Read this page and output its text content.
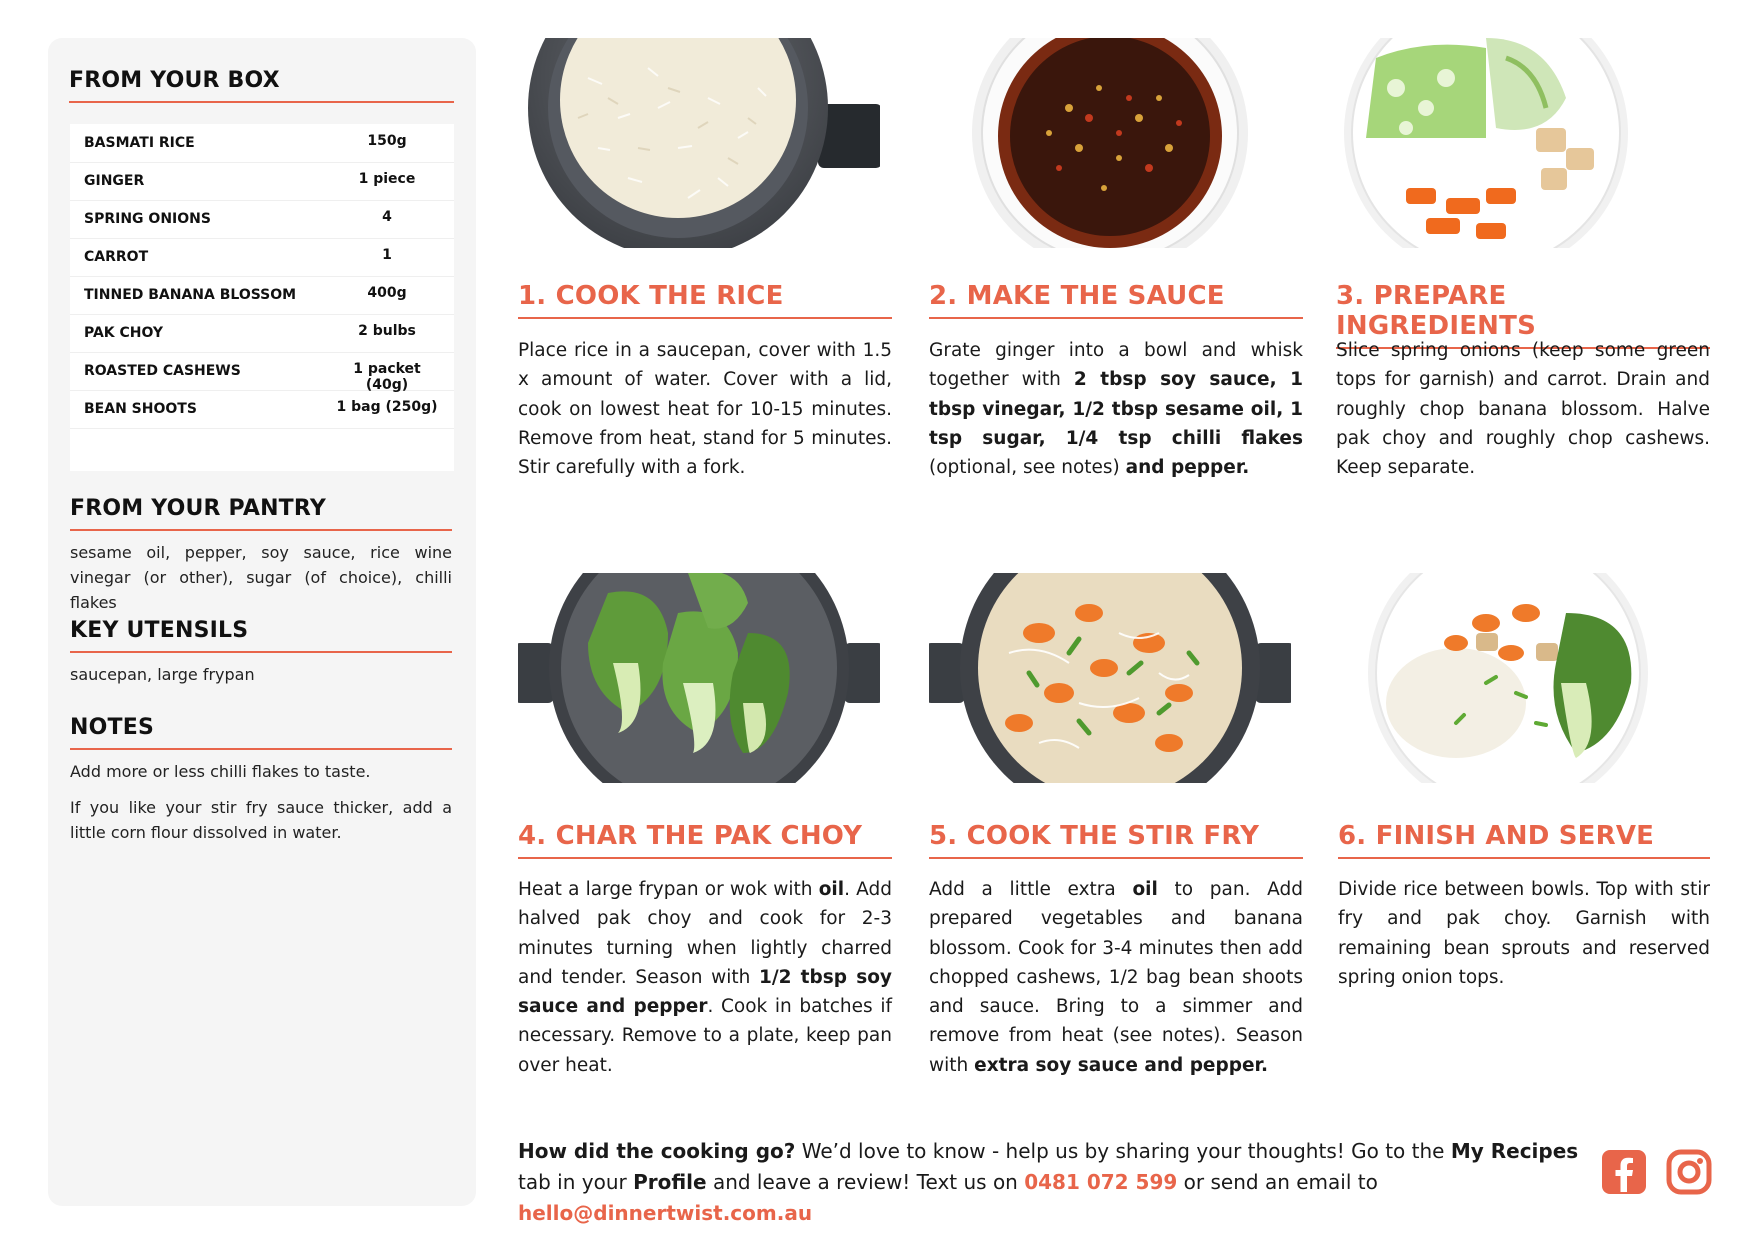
FROM YOUR BOX
BASMATI RICE	150g
GINGER	1 piece
SPRING ONIONS	4
CARROT	1
TINNED BANANA BLOSSOM	400g
PAK CHOY	2 bulbs
ROASTED CASHEWS	1 packet (40g)
BEAN SHOOTS	1 bag (250g)
FROM YOUR PANTRY
sesame oil, pepper, soy sauce, rice wine vinegar (or other), sugar (of choice), chilli flakes
KEY UTENSILS
saucepan, large frypan
NOTES
Add more or less chilli flakes to taste.
If you like your stir fry sauce thicker, add a little corn flour dissolved in water.
1. COOK THE RICE
Place rice in a saucepan, cover with 1.5 x amount of water. Cover with a lid, cook on lowest heat for 10-15 minutes. Remove from heat, stand for 5 minutes. Stir carefully with a fork.
2. MAKE THE SAUCE
Grate ginger into a bowl and whisk together with 2 tbsp soy sauce, 1 tbsp vinegar, 1/2 tbsp sesame oil, 1 tsp sugar, 1/4 tsp chilli flakes (optional, see notes) and pepper.
3. PREPARE INGREDIENTS
Slice spring onions (keep some green tops for garnish) and carrot. Drain and roughly chop banana blossom. Halve pak choy and roughly chop cashews. Keep separate.
4. CHAR THE PAK CHOY
Heat a large frypan or wok with oil. Add halved pak choy and cook for 2-3 minutes turning when lightly charred and tender. Season with 1/2 tbsp soy sauce and pepper. Cook in batches if necessary. Remove to a plate, keep pan over heat.
5. COOK THE STIR FRY
Add a little extra oil to pan. Add prepared vegetables and banana blossom. Cook for 3-4 minutes then add chopped cashews, 1/2 bag bean shoots and sauce. Bring to a simmer and remove from heat (see notes). Season with extra soy sauce and pepper.
6. FINISH AND SERVE
Divide rice between bowls. Top with stir fry and pak choy. Garnish with remaining bean sprouts and reserved spring onion tops.
How did the cooking go? We’d love to know - help us by sharing your thoughts! Go to the My Recipes tab in your Profile and leave a review! Text us on 0481 072 599 or send an email to hello@dinnertwist.com.au
